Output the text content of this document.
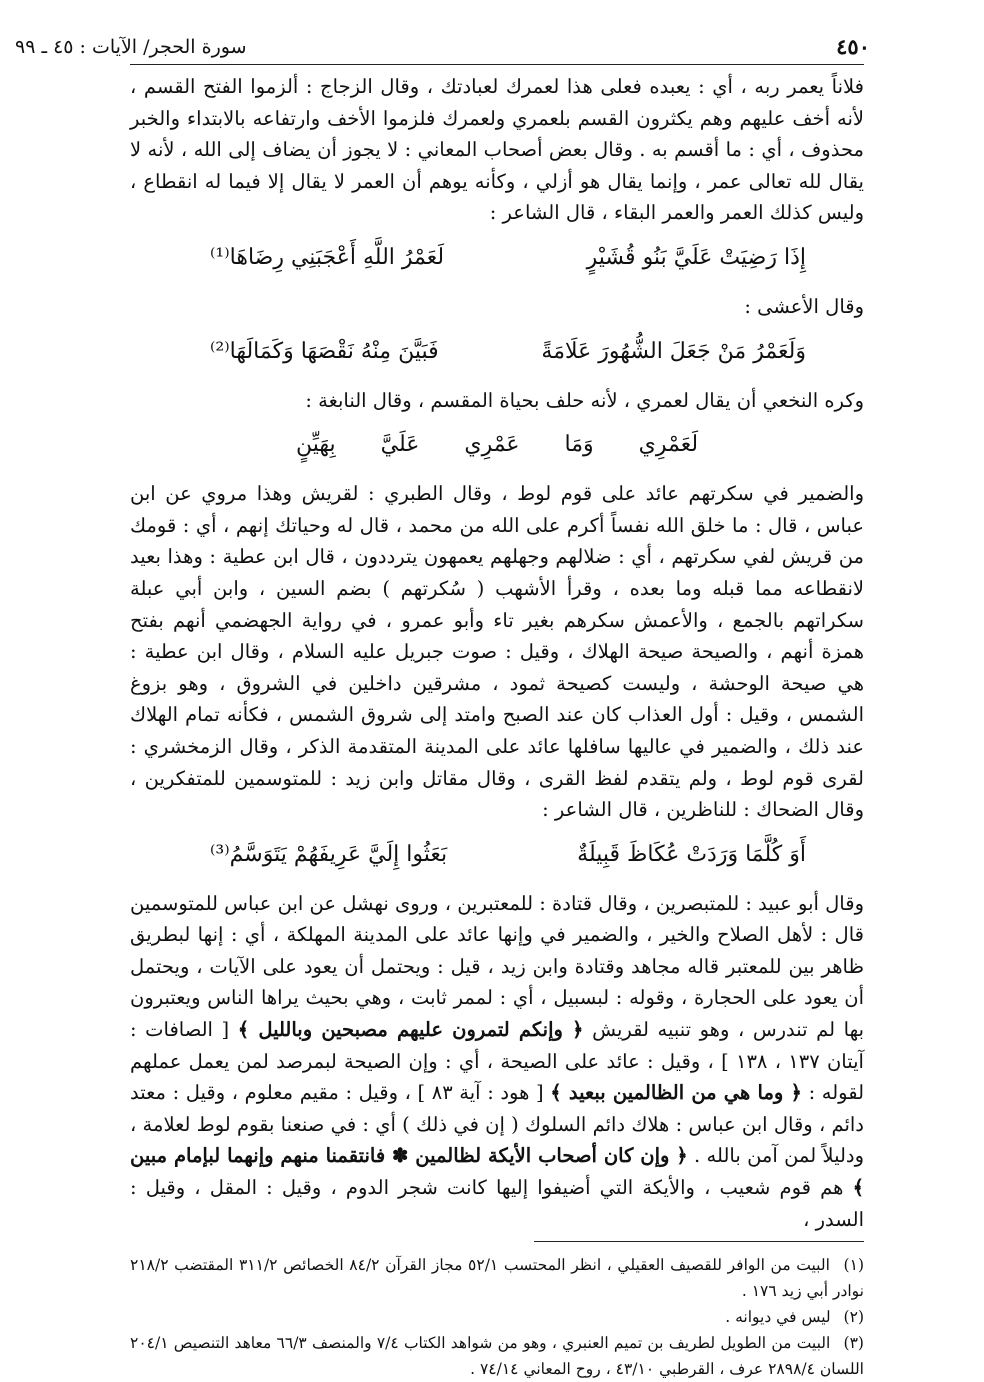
٤٥٠
سورة الحجر/ الآيات : ٤٥ ـ ٩٩

فلاناً يعمر ربه ، أي : يعبده فعلى هذا لعمرك لعبادتك ، وقال الزجاج : ألزموا الفتح القسم ، لأنه أخف عليهم وهم يكثرون القسم بلعمري ولعمرك فلزموا الأخف وارتفاعه بالابتداء والخبر محذوف ، أي : ما أقسم به . وقال بعض أصحاب المعاني : لا يجوز أن يضاف إلى الله ، لأنه لا يقال لله تعالى عمر ، وإنما يقال هو أزلي ، وكأنه يوهم أن العمر لا يقال إلا فيما له انقطاع ، وليس كذلك العمر والعمر البقاء ، قال الشاعر :

إِذَا رَضِيَتْ عَلَيَّ بَنُو قُشَيْرٍ
لَعَمْرُ اللَّهِ أَعْجَبَنِي رِضَاهَا⁽¹⁾

وقال الأعشى :

وَلَعَمْرُ مَنْ جَعَلَ الشُّهُورَ عَلَامَةً
فَبَيَّنَ مِنْهُ نَقْصَهَا وَكَمَالَهَا⁽²⁾

وكره النخعي أن يقال لعمري ، لأنه حلف بحياة المقسم ، وقال النابغة :

لَعَمْرِي وَمَا عَمْرِي عَلَيَّ بِهَيِّنٍ

والضمير في سكرتهم عائد على قوم لوط ، وقال الطبري : لقريش وهذا مروي عن ابن عباس ، قال : ما خلق الله نفساً أكرم على الله من محمد ، قال له وحياتك إنهم ، أي : قومك من قريش لفي سكرتهم ، أي : ضلالهم وجهلهم يعمهون يترددون ، قال ابن عطية : وهذا بعيد لانقطاعه مما قبله وما بعده ، وقرأ الأشهب ( سُكرتهم ) بضم السين ، وابن أبي عبلة سكراتهم بالجمع ، والأعمش سكرهم بغير تاء وأبو عمرو ، في رواية الجهضمي أنهم بفتح همزة أنهم ، والصيحة صيحة الهلاك ، وقيل : صوت جبريل عليه السلام ، وقال ابن عطية : هي صيحة الوحشة ، وليست كصيحة ثمود ، مشرقين داخلين في الشروق ، وهو بزوغ الشمس ، وقيل : أول العذاب كان عند الصبح وامتد إلى شروق الشمس ، فكأنه تمام الهلاك عند ذلك ، والضمير في عاليها سافلها عائد على المدينة المتقدمة الذكر ، وقال الزمخشري : لقرى قوم لوط ، ولم يتقدم لفظ القرى ، وقال مقاتل وابن زيد : للمتوسمين للمتفكرين ، وقال الضحاك : للناظرين ، قال الشاعر :

أَوَ كُلَّمَا وَرَدَتْ عُكَاظَ قَبِيلَةٌ
بَعَثُوا إِلَيَّ عَرِيفَهُمْ يَتَوَسَّمُ⁽³⁾

وقال أبو عبيد : للمتبصرين ، وقال قتادة : للمعتبرين ، وروى نهشل عن ابن عباس للمتوسمين قال : لأهل الصلاح والخير ، والضمير في وإنها عائد على المدينة المهلكة ، أي : إنها لبطريق ظاهر بين للمعتبر قاله مجاهد وقتادة وابن زيد ، قيل : ويحتمل أن يعود على الآيات ، ويحتمل أن يعود على الحجارة ، وقوله : لبسبيل ، أي : لممر ثابت ، وهي بحيث يراها الناس ويعتبرون بها لم تندرس ، وهو تنبيه لقريش ﴿ وإنكم لتمرون عليهم مصبحين وبالليل ﴾ [ الصافات : آيتان ١٣٧ ، ١٣٨ ] ، وقيل : عائد على الصيحة ، أي : وإن الصيحة لبمرصد لمن يعمل عملهم لقوله : ﴿ وما هي من الظالمين ببعيد ﴾ [ هود : آية ٨٣ ] ، وقيل : مقيم معلوم ، وقيل : معتد دائم ، وقال ابن عباس : هلاك دائم السلوك ( إن في ذلك ) أي : في صنعنا بقوم لوط لعلامة ، ودليلاً لمن آمن بالله . ﴿ وإن كان أصحاب الأيكة لظالمين ✽ فانتقمنا منهم وإنهما لبإمام مبين ﴾ هم قوم شعيب ، والأيكة التي أضيفوا إليها كانت شجر الدوم ، وقيل : المقل ، وقيل : السدر ،

(١) البيت من الوافر للقصيف العقيلي ، انظر المحتسب ٥٢/١ مجاز القرآن ٨٤/٢ الخصائص ٣١١/٢ المقتضب ٢١٨/٢ نوادر أبي زيد ١٧٦ .

(٢) ليس في ديوانه .

(٣) البيت من الطويل لطريف بن تميم العنبري ، وهو من شواهد الكتاب ٧/٤ والمنصف ٦٦/٣ معاهد التنصيص ٢٠٤/١ اللسان ٢٨٩٨/٤ عرف ، القرطبي ٤٣/١٠ ، روح المعاني ٧٤/١٤ .
